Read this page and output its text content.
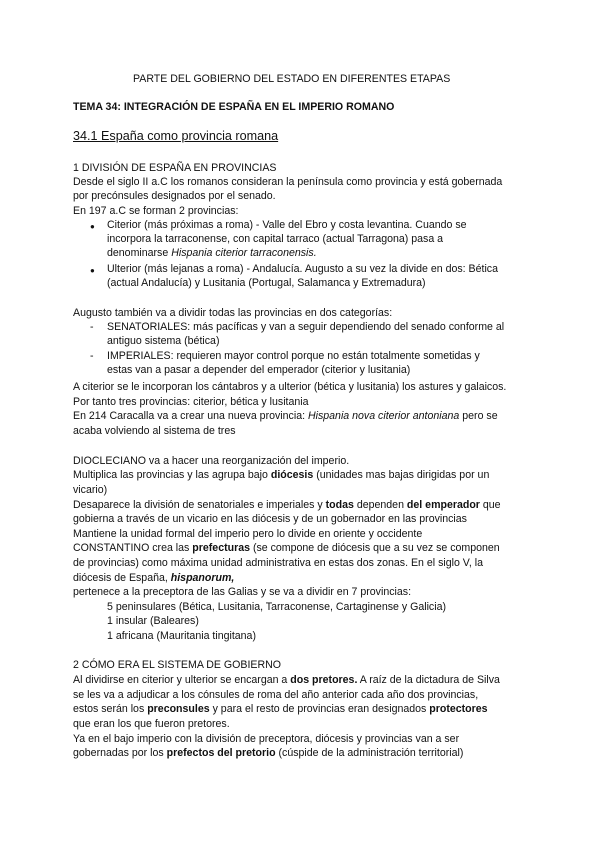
PARTE DEL GOBIERNO DEL ESTADO EN DIFERENTES ETAPAS
TEMA 34: INTEGRACIÓN DE ESPAÑA EN EL IMPERIO ROMANO
34.1 España como provincia romana
1 DIVISIÓN DE ESPAÑA EN PROVINCIAS
Desde el siglo II a.C los romanos consideran la península como provincia y está gobernada
por precónsules designados por el senado.
En 197 a.C se forman 2 provincias:
● Citerior (más próximas a roma) - Valle del Ebro y costa levantina. Cuando se
incorpora la tarraconense, con capital tarraco (actual Tarragona) pasa a
denominarse Hispania citerior tarraconensis.
● Ulterior (más lejanas a roma) - Andalucía. Augusto a su vez la divide en dos: Bética
(actual Andalucía) y Lusitania (Portugal, Salamanca y Extremadura)
Augusto también va a dividir todas las provincias en dos categorías:
- SENATORIALES: más pacíficas y van a seguir dependiendo del senado conforme al
antiguo sistema (bética)
- IMPERIALES: requieren mayor control porque no están totalmente sometidas y
estas van a pasar a depender del emperador (citerior y lusitania)
A citerior se le incorporan los cántabros y a ulterior (bética y lusitania) los astures y galaicos.
Por tanto tres provincias: citerior, bética y lusitania
En 214 Caracalla va a crear una nueva provincia: Hispania nova citerior antoniana pero se
acaba volviendo al sistema de tres
DIOCLECIANO va a hacer una reorganización del imperio.
Multiplica las provincias y las agrupa bajo diócesis (unidades mas bajas dirigidas por un
vicario)
Desaparece la división de senatoriales e imperiales y todas dependen del emperador que
gobierna a través de un vicario en las diócesis y de un gobernador en las provincias
Mantiene la unidad formal del imperio pero lo divide en oriente y occidente
CONSTANTINO crea las prefecturas (se compone de diócesis que a su vez se componen
de provincias) como máxima unidad administrativa en estas dos zonas. En el siglo V, la
diócesis de España, hispanorum,
pertenece a la preceptora de las Galias y se va a dividir en 7 provincias:
5 peninsulares (Bética, Lusitania, Tarraconense, Cartaginense y Galicia)
1 insular (Baleares)
1 africana (Mauritania tingitana)
2 CÓMO ERA EL SISTEMA DE GOBIERNO
Al dividirse en citerior y ulterior se encargan a dos pretores. A raíz de la dictadura de Silva
se les va a adjudicar a los cónsules de roma del año anterior cada año dos provincias,
estos serán los preconsules y para el resto de provincias eran designados protectores
que eran los que fueron pretores.
Ya en el bajo imperio con la división de preceptora, diócesis y provincias van a ser
gobernadas por los prefectos del pretorio (cúspide de la administración territorial)
